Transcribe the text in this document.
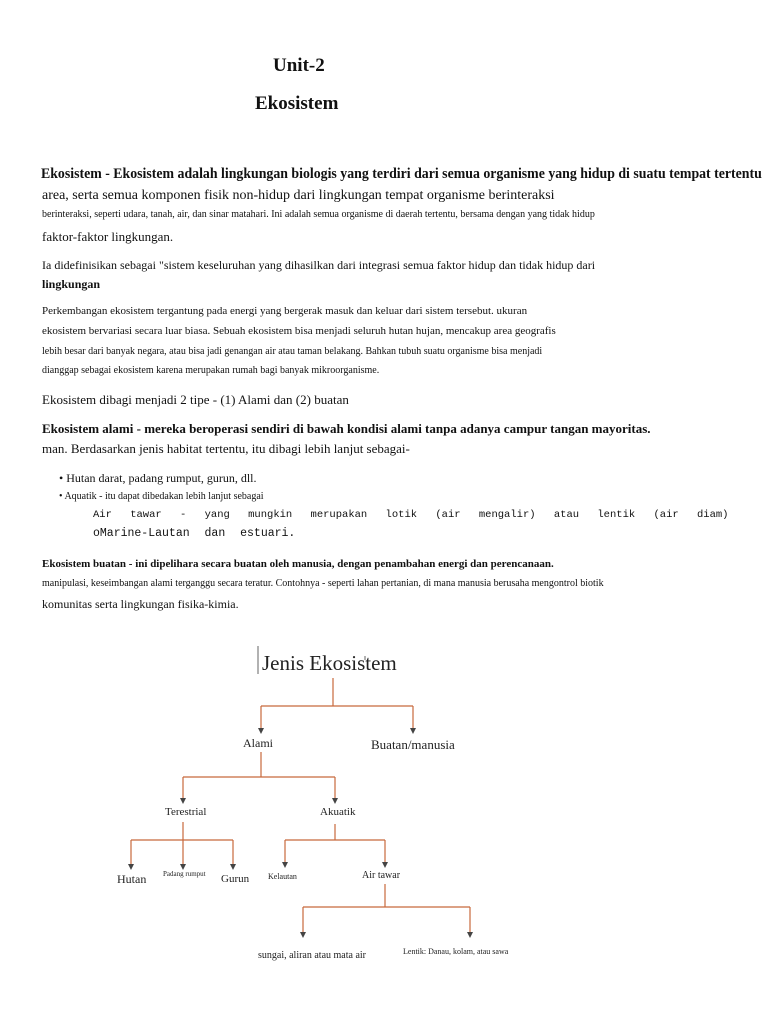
Unit-2
Ekosistem
Ekosistem - Ekosistem adalah lingkungan biologis yang terdiri dari semua organisme yang hidup di suatu tempat tertentu
area, serta semua komponen fisik non-hidup dari lingkungan tempat organisme berinteraksi
berinteraksi, seperti udara, tanah, air, dan sinar matahari. Ini adalah semua organisme di daerah tertentu, bersama dengan yang tidak hidup
faktor-faktor lingkungan.
Ia didefinisikan sebagai "sistem keseluruhan yang dihasilkan dari integrasi semua faktor hidup dan tidak hidup dari
lingkungan
Perkembangan ekosistem tergantung pada energi yang bergerak masuk dan keluar dari sistem tersebut. ukuran
ekosistem bervariasi secara luar biasa. Sebuah ekosistem bisa menjadi seluruh hutan hujan, mencakup area geografis
lebih besar dari banyak negara, atau bisa jadi genangan air atau taman belakang. Bahkan tubuh suatu organisme bisa menjadi
dianggap sebagai ekosistem karena merupakan rumah bagi banyak mikroorganisme.
Ekosistem dibagi menjadi 2 tipe - (1) Alami dan (2) buatan
Ekosistem alami - mereka beroperasi sendiri di bawah kondisi alami tanpa adanya campur tangan mayoritas.
man. Berdasarkan jenis habitat tertentu, itu dibagi lebih lanjut sebagai-
• Hutan darat, padang rumput, gurun, dll.
• Aquatik - itu dapat dibedakan lebih lanjut sebagai
Air tawar - yang mungkin merupakan lotik (air mengalir) atau lentik (air diam)
oMarine-Lautan dan estuari.
Ekosistem buatan - ini dipelihara secara buatan oleh manusia, dengan penambahan energi dan perencanaan.
manipulasi, keseimbangan alami terganggu secara teratur. Contohnya - seperti lahan pertanian, di mana manusia berusaha mengontrol biotik
komunitas serta lingkungan fisika-kimia.
Jenis Ekosistem
Alami	Buatan/manusia
Terestrial	Akuatik
Hutan Padang rumput Gurun Kelautan	Air tawar
sungai, aliran atau mata air	Lentik: Danau, kolam, atau sawa
